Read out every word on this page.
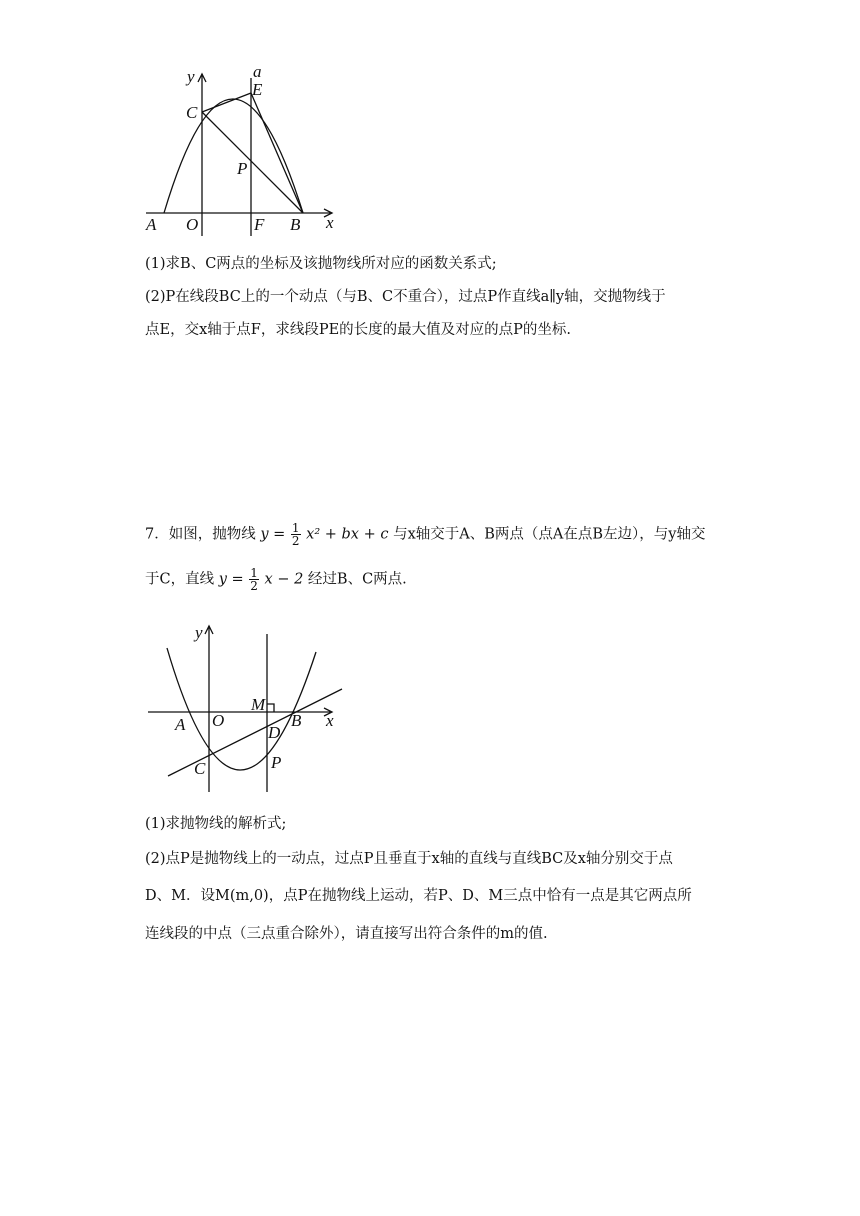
y	a
C
E
P
A O	F B x
(1)求B、C两点的坐标及该抛物线所对应的函数关系式;
(2)P在线段BC上的一个动点（与B、C不重合），过点P作直线a∥y轴，交抛物线于
点E，交x轴于点F，求线段PE的长度的最大值及对应的点P的坐标.
7．如图，抛物线 $y = \frac{1}{2} x^2$ + bx + c 与x轴交于A、B两点（点A在点B左边），与y轴交
于C，直线 $y = \frac{1}{2}$ x − 2 经过B、C两点.
y
M
A O	B x
D
C	P
(1)求抛物线的解析式;
(2)点P是抛物线上的一动点，过点P且垂直于x轴的直线与直线BC及x轴分别交于点
D、M．设M(m,0)，点P在抛物线上运动，若P、D、M三点中恰有一点是其它两点所
连线段的中点（三点重合除外），请直接写出符合条件的m的值.
